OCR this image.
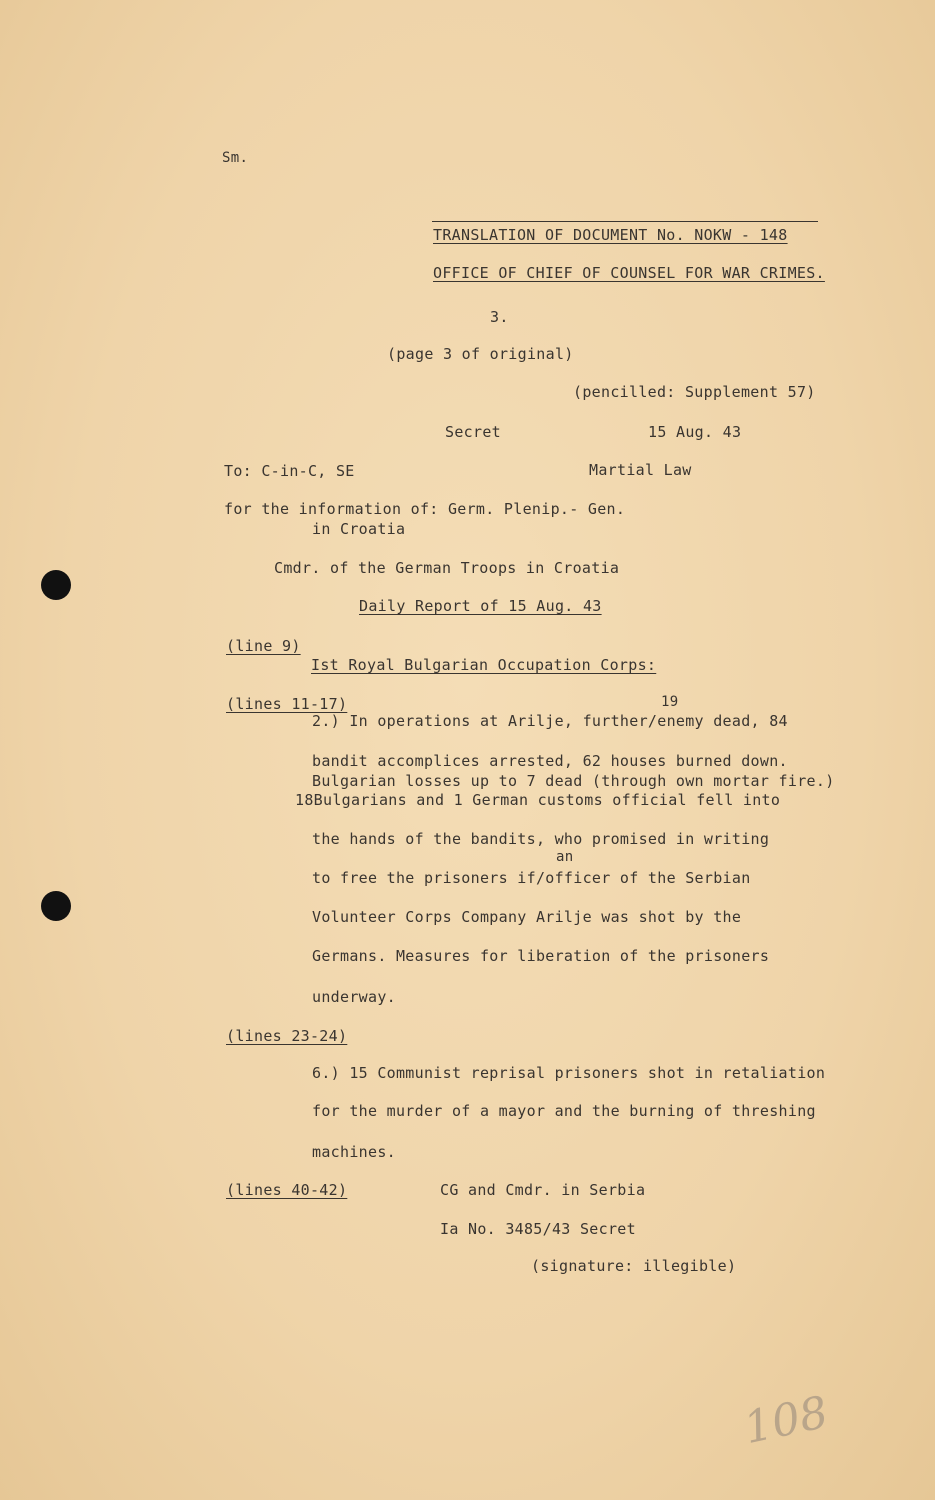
Sm.
TRANSLATION OF DOCUMENT No. NOKW - 148
OFFICE OF CHIEF OF COUNSEL FOR WAR CRIMES.
3.
(page 3 of original)
(pencilled: Supplement 57)
Secret	15 Aug. 43
To: C-in-C, SE	Martial Law
for the information of: Germ. Plenip.- Gen.
in Croatia
Cmdr. of the German Troops in Croatia
Daily Report of 15 Aug. 43
(line 9)
Ist Royal Bulgarian Occupation Corps:
(lines 11-17)	19
2.) In operations at Arilje, further/enemy dead, 84
bandit accomplices arrested, 62 houses burned down.
Bulgarian losses up to 7 dead (through own mortar fire.)
18Bulgarians and 1 German customs official fell into
the hands of the bandits, who promised in writing
an
to free the prisoners if/officer of the Serbian
Volunteer Corps Company Arilje was shot by the
Germans. Measures for liberation of the prisoners
underway.
(lines 23-24)
6.) 15 Communist reprisal prisoners shot in retaliation
for the murder of a mayor and the burning of threshing
machines.
(lines 40-42)	CG and Cmdr. in Serbia
Ia No. 3485/43 Secret
(signature: illegible)
108
